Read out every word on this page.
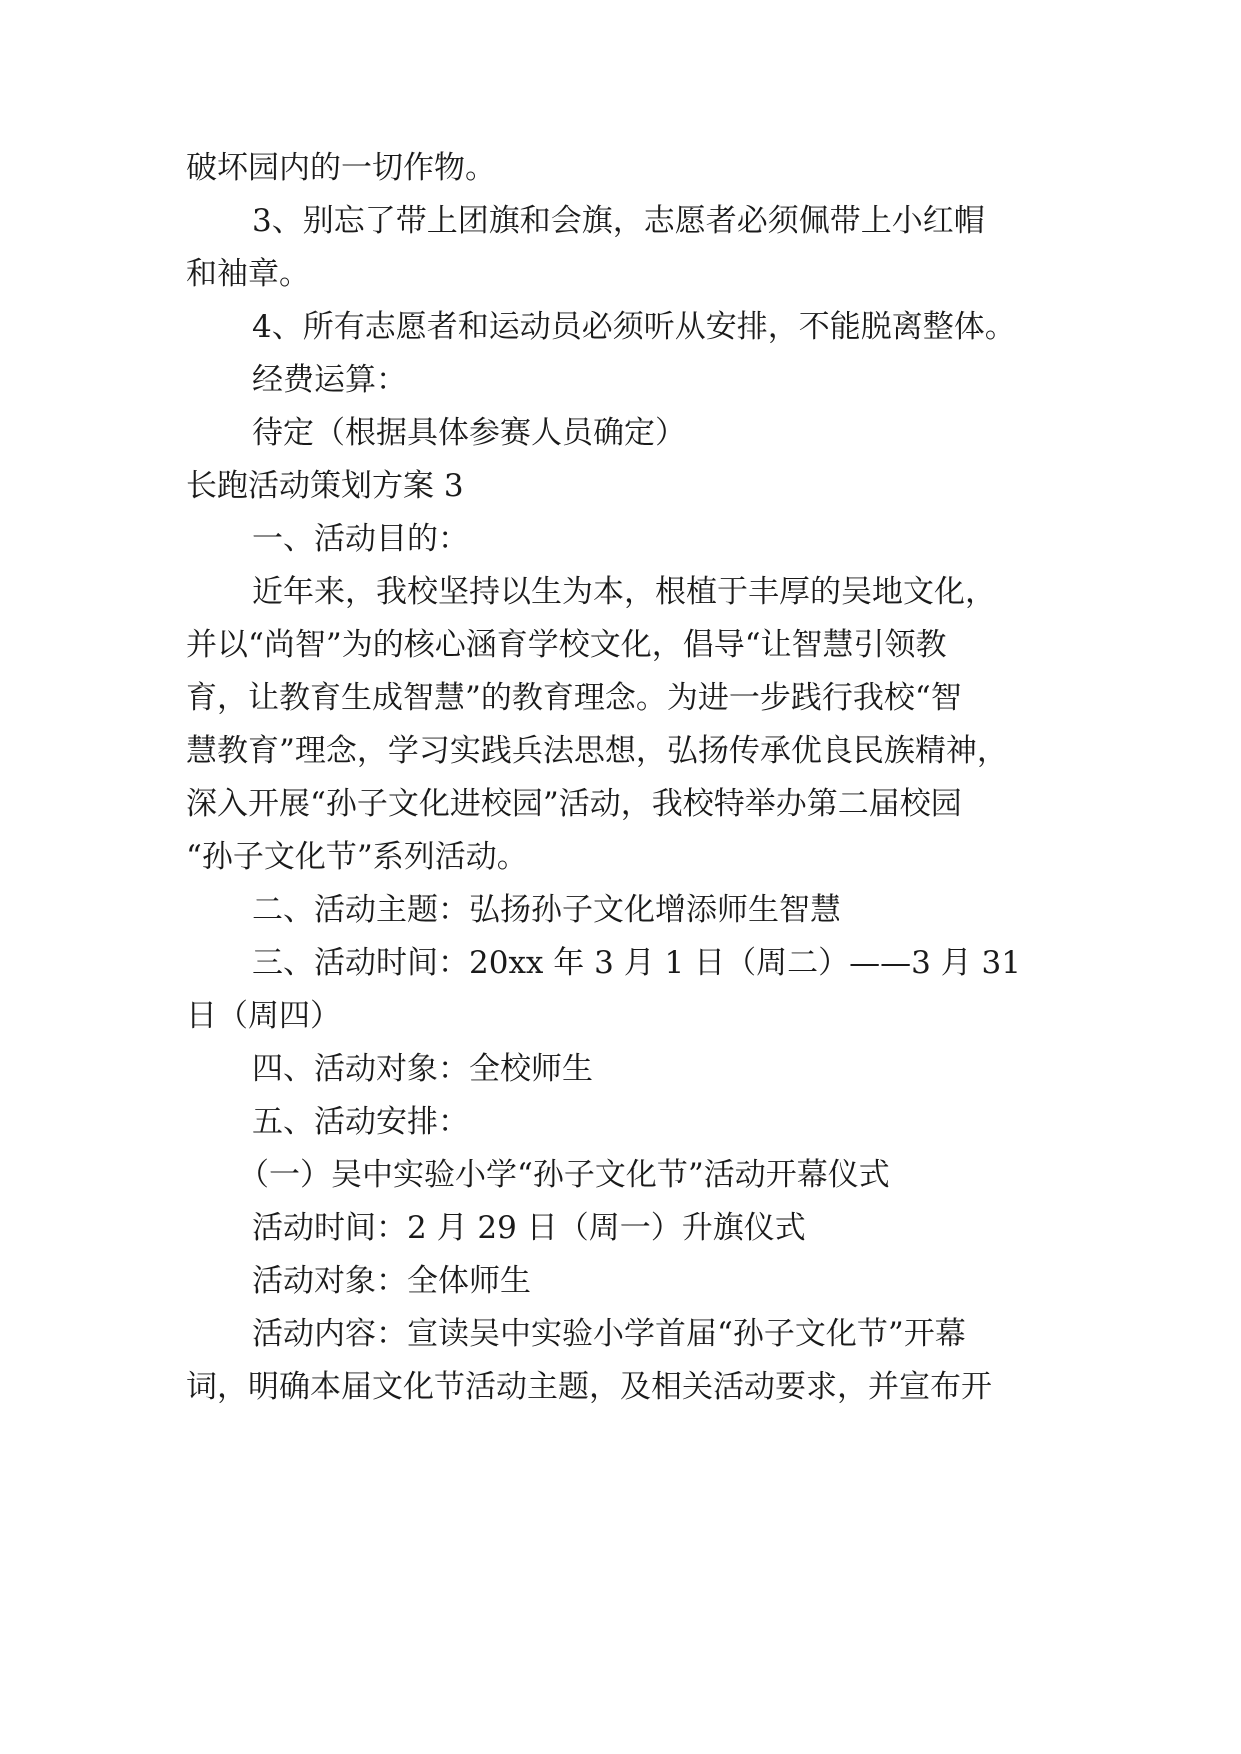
破坏园内的一切作物。
3、别忘了带上团旗和会旗，志愿者必须佩带上小红帽
和袖章。
4、所有志愿者和运动员必须听从安排，不能脱离整体。
经费运算：
待定（根据具体参赛人员确定）
长跑活动策划方案 3
一、活动目的：
近年来，我校坚持以生为本，根植于丰厚的吴地文化，
并以“尚智”为的核心涵育学校文化，倡导“让智慧引领教
育，让教育生成智慧”的教育理念。为进一步践行我校“智
慧教育”理念，学习实践兵法思想，弘扬传承优良民族精神，
深入开展“孙子文化进校园”活动，我校特举办第二届校园
“孙子文化节”系列活动。
二、活动主题：弘扬孙子文化增添师生智慧
三、活动时间：20xx 年 3 月 1 日（周二）——3 月 31
日（周四）
四、活动对象：全校师生
五、活动安排：
（一）吴中实验小学“孙子文化节”活动开幕仪式
活动时间：2 月 29 日（周一）升旗仪式
活动对象：全体师生
活动内容：宣读吴中实验小学首届“孙子文化节”开幕
词，明确本届文化节活动主题，及相关活动要求，并宣布开
